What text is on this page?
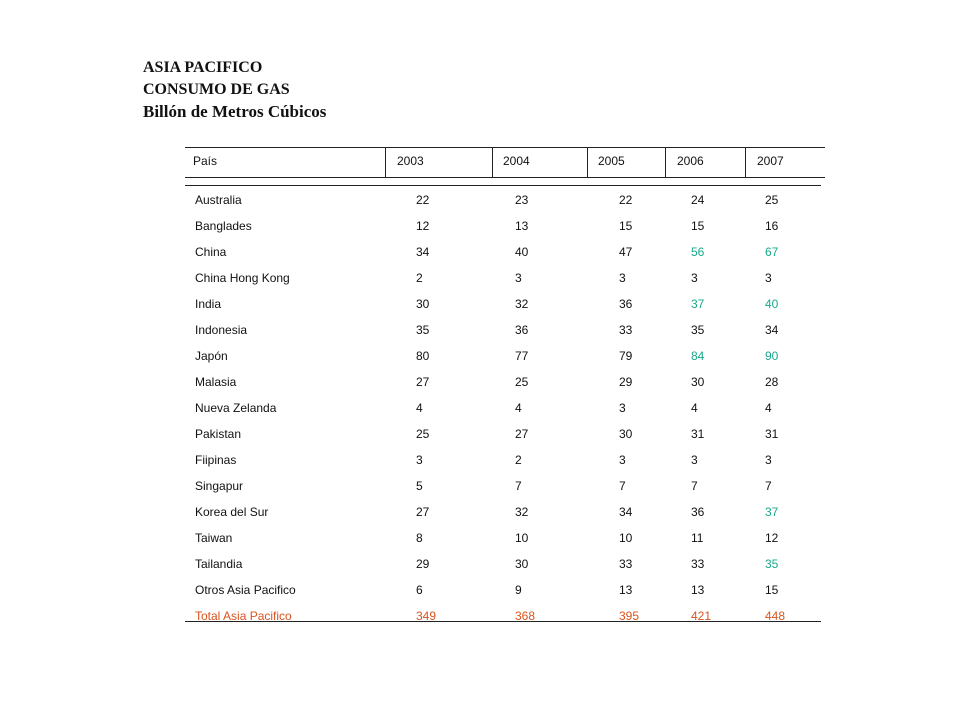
ASIA PACIFICO
CONSUMO DE GAS
Billón de Metros Cúbicos
País	2003	2004	2005	2006	2007
Australia	22	23	22	24	25
Banglades	12	13	15	15	16
China	34	40	47	56	67
China Hong Kong	2	3	3	3	3
India	30	32	36	37	40
Indonesia	35	36	33	35	34
Japón	80	77	79	84	90
Malasia	27	25	29	30	28
Nueva Zelanda	4	4	3	4	4
Pakistan	25	27	30	31	31
Fiipinas	3	2	3	3	3
Singapur	5	7	7	7	7
Korea del Sur	27	32	34	36	37
Taiwan	8	10	10	11	12
Tailandia	29	30	33	33	35
Otros Asia Pacifico	6	9	13	13	15
Total Asia Pacifico	349	368	395	421	448
